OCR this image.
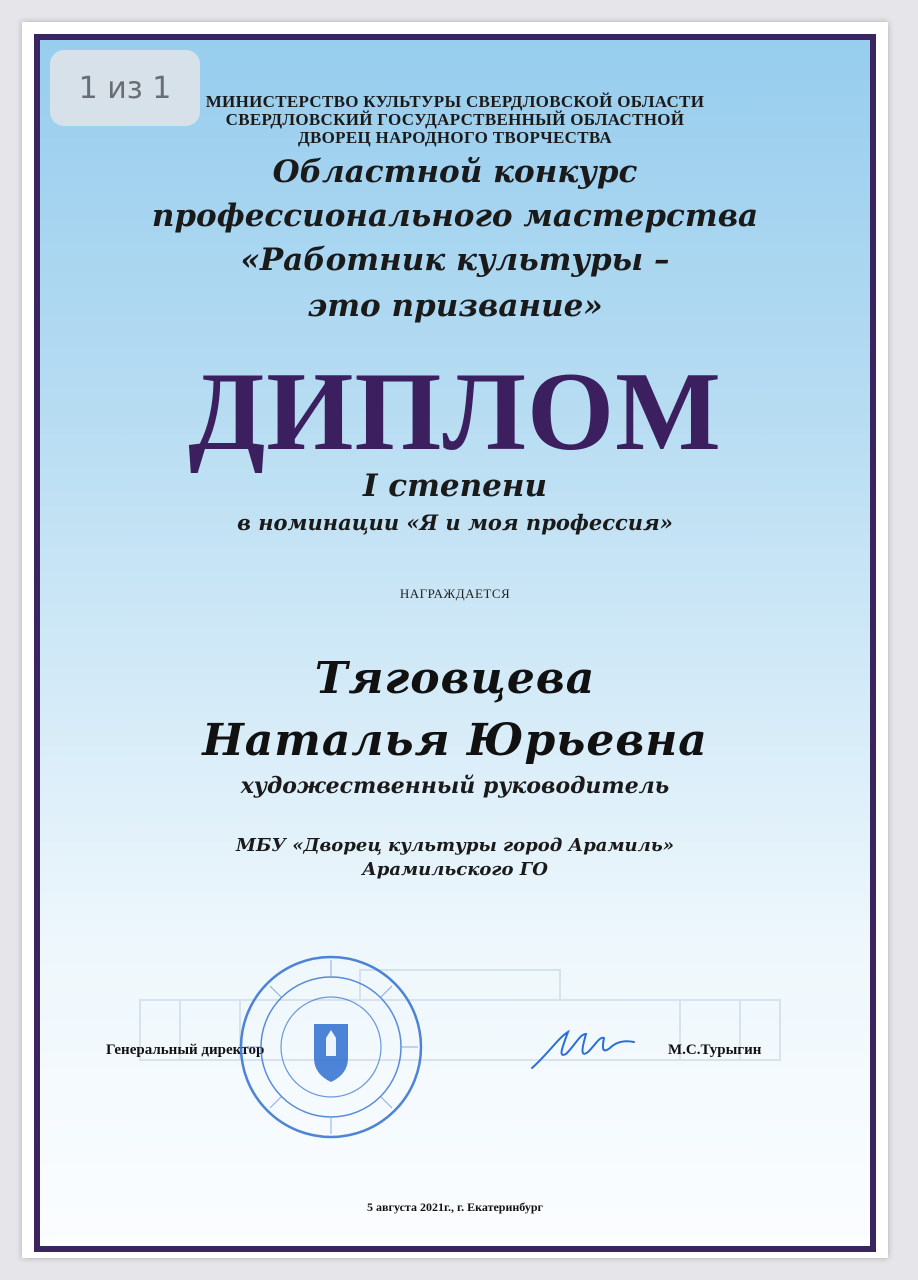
МИНИСТЕРСТВО КУЛЬТУРЫ СВЕРДЛОВСКОЙ ОБЛАСТИ
СВЕРДЛОВСКИЙ ГОСУДАРСТВЕННЫЙ ОБЛАСТНОЙ
ДВОРЕЦ НАРОДНОГО ТВОРЧЕСТВА
Областной конкурс
профессионального мастерства
«Работник культуры –
это призвание»
ДИПЛОМ
I степени
в номинации «Я и моя профессия»
НАГРАЖДАЕТСЯ
Тяговцева
Наталья Юрьевна
художественный руководитель
МБУ «Дворец культуры город Арамиль»
Арамильского ГО
Генеральный директор	М.С.Турыгин
5 августа 2021г., г. Екатеринбург
1 из 1
